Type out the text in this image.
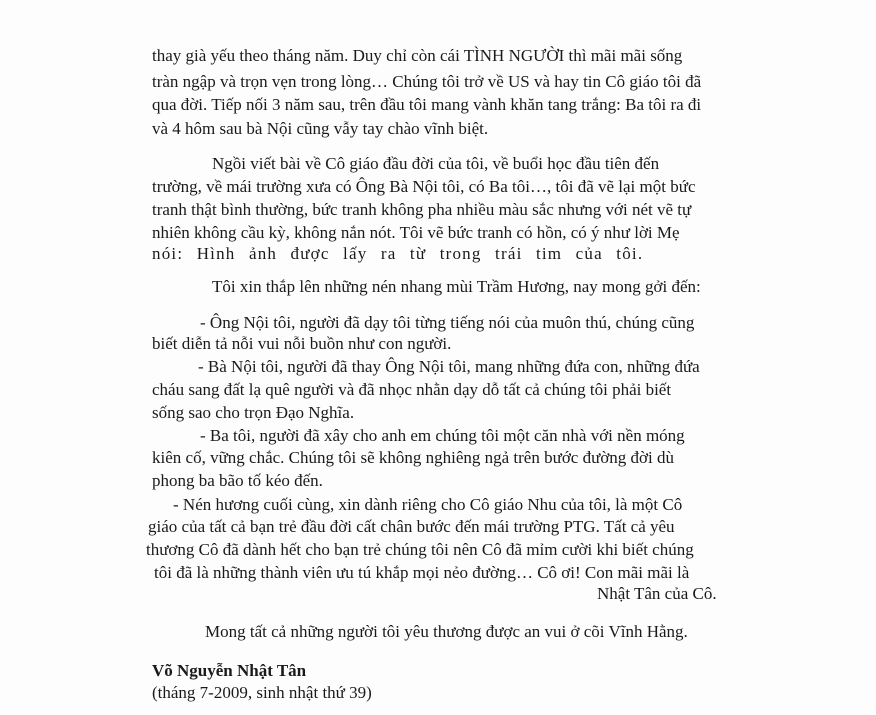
thay già yếu theo tháng năm. Duy chỉ còn cái TÌNH NGƯỜI thì mãi mãi sống
tràn ngập và trọn vẹn trong lòng… Chúng tôi trở về US và hay tin Cô giáo tôi đã
qua đời. Tiếp nối 3 năm sau, trên đầu tôi mang vành khăn tang trắng: Ba tôi ra đi
và 4 hôm sau bà Nội cũng vẫy tay chào vĩnh biệt.
Ngồi viết bài về Cô giáo đầu đời của tôi, về buổi học đầu tiên đến
trường, về mái trường xưa có Ông Bà Nội tôi, có Ba tôi…, tôi đã vẽ lại một bức
tranh thật bình thường, bức tranh không pha nhiều màu sắc nhưng với nét vẽ tự
nhiên không cầu kỳ, không nắn nót. Tôi vẽ bức tranh có hồn, có ý như lời Mẹ
nói: Hình ảnh được lấy ra từ trong trái tim của tôi.
Tôi xin thắp lên những nén nhang mùi Trầm Hương, nay mong gởi đến:
- Ông Nội tôi, người đã dạy tôi từng tiếng nói của muôn thú, chúng cũng
biết diễn tả nỗi vui nỗi buồn như con người.
- Bà Nội tôi, người đã thay Ông Nội tôi, mang những đứa con, những đứa
cháu sang đất lạ quê người và đã nhọc nhằn dạy dỗ tất cả chúng tôi phải biết
sống sao cho trọn Đạo Nghĩa.
- Ba tôi, người đã xây cho anh em chúng tôi một căn nhà với nền móng
kiên cố, vững chắc. Chúng tôi sẽ không nghiêng ngả trên bước đường đời dù
phong ba bão tố kéo đến.
- Nén hương cuối cùng, xin dành riêng cho Cô giáo Nhu của tôi, là một Cô
giáo của tất cả bạn trẻ đầu đời cất chân bước đến mái trường PTG. Tất cả yêu
thương Cô đã dành hết cho bạn trẻ chúng tôi nên Cô đã mỉm cười khi biết chúng
tôi đã là những thành viên ưu tú khắp mọi nẻo đường… Cô ơi! Con mãi mãi là
Nhật Tân của Cô.
Mong tất cả những người tôi yêu thương được an vui ở cõi Vĩnh Hằng.
Võ Nguyễn Nhật Tân
(tháng 7-2009, sinh nhật thứ 39)
